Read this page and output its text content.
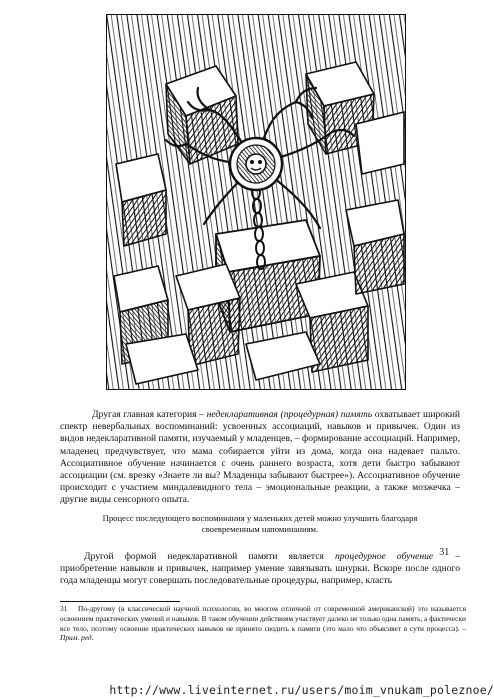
Другая главная категория – недекларативная (процедурная) память охватывает широкий спектр невербальных воспоминаний: усвоенных ассоциаций, навыков и привычек. Один из видов недекларативной памяти, изучаемый у младенцев, – формирование ассоциаций. Например, младенец предчувствует, что мама собирается уйти из дома, когда она надевает пальто. Ассоциативное обучение начинается с очень раннего возраста, хотя дети быстро забывают ассоциации (см. врезку «Знаете ли вы? Младенцы забывают быстрее»). Ассоциативное обучение происходит с участием миндалевидного тела – эмоциональные реакции, а также мозжечка – другие виды сенсорного опыта.

Процесс последующего воспоминания у маленьких детей можно улучшить благодаря своевременным напоминаниям.

Другой формой недекларативной памяти является процедурное обучение 31 – приобретение навыков и привычек, например умение завязывать шнурки. Вскоре после одного года младенцы могут совершать последовательные процедуры, например, класть
31 По-другому (в классической научной психологии, во многом отличной от современной американской) это называется освоением практических умений и навыков. В таком обучении действиям участвует далеко не только одна память, а фактически все тело, поэтому освоение практических навыков не принято сводить к памяти (это мало что объясняет в сути процесса). – Прим. ред.
http://www.liveinternet.ru/users/moim_vnukam_poleznoe/
